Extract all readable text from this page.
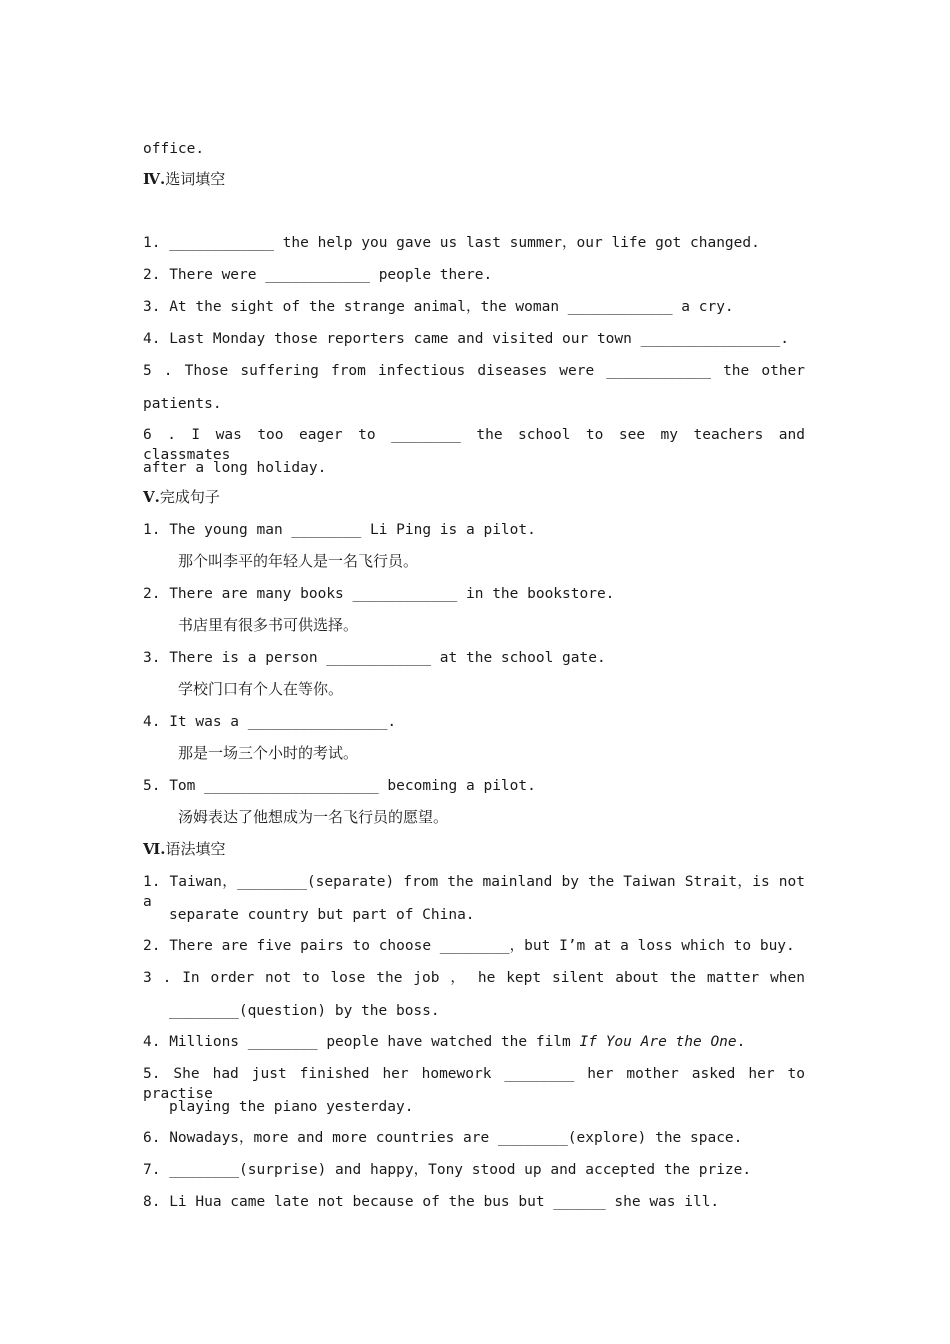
office.
Ⅳ.选词填空
1. ____________ the help you gave us last summer，our life got changed.
2. There were ____________ people there.
3. At the sight of the strange animal，the woman ____________ a cry.
4. Last Monday those reporters came and visited our town ________________.
5 . Those suffering from infectious diseases were ____________ the other
patients.
6 . I was too eager to ________ the school to see my teachers and classmates
after a long holiday.
Ⅴ.完成句子
1. The young man ________ Li Ping is a pilot.
那个叫李平的年轻人是一名飞行员。
2. There are many books ____________ in the bookstore.
书店里有很多书可供选择。
3. There is a person ____________ at the school gate.
学校门口有个人在等你。
4. It was a ________________.
那是一场三个小时的考试。
5. Tom ____________________ becoming a pilot.
汤姆表达了他想成为一名飞行员的愿望。
Ⅵ.语法填空
1. Taiwan，________(separate) from the mainland by the Taiwan Strait，is not a
separate country but part of China.
2. There are five pairs to choose ________，but I’m at a loss which to buy.
3 . In order not to lose the job ， he kept silent about the matter when
________(question) by the boss.
4. Millions ________ people have watched the film If You Are the One.
5. She had just finished her homework ________ her mother asked her to practise
playing the piano yesterday.
6. Nowadays，more and more countries are ________(explore) the space.
7. ________(surprise) and happy，Tony stood up and accepted the prize.
8. Li Hua came late not because of the bus but ______ she was ill.
